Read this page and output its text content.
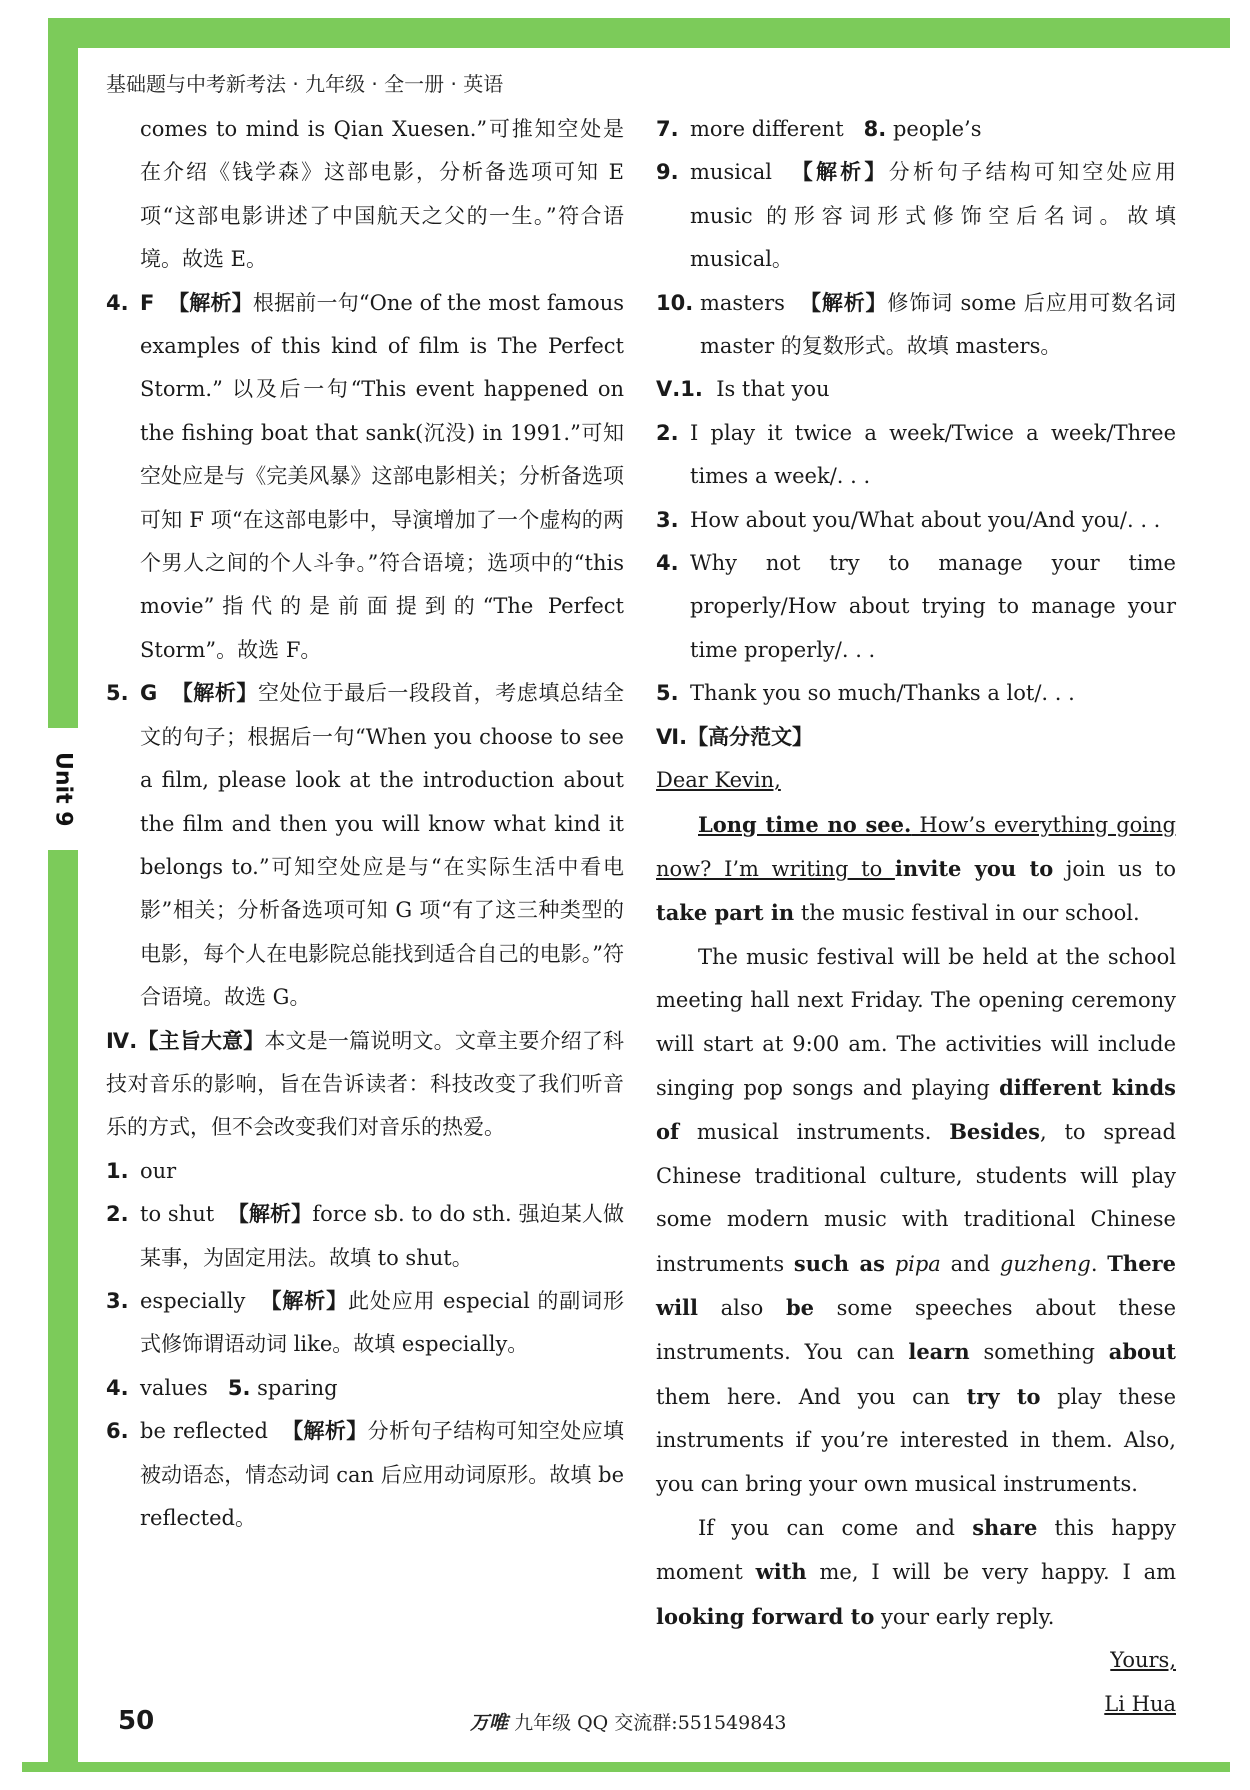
Unit 9
基础题与中考新考法 · 九年级 · 全一册 · 英语

comes to mind is Qian Xuesen.”可推知空处是在介绍《钱学森》这部电影，分析备选项可知 E 项“这部电影讲述了中国航天之父的一生。”符合语境。故选 E。

4. F 【解析】根据前一句“One of the most famous examples of this kind of film is The Perfect Storm.” 以及后一句“This event happened on the fishing boat that sank(沉没) in 1991.”可知空处应是与《完美风暴》这部电影相关；分析备选项可知 F 项“在这部电影中，导演增加了一个虚构的两个男人之间的个人斗争。”符合语境；选项中的“this movie”指代的是前面提到的“The Perfect Storm”。故选 F。

5. G 【解析】空处位于最后一段段首，考虑填总结全文的句子；根据后一句“When you choose to see a film, please look at the introduction about the film and then you will know what kind it belongs to.”可知空处应是与“在实际生活中看电影”相关；分析备选项可知 G 项“有了这三种类型的电影，每个人在电影院总能找到适合自己的电影。”符合语境。故选 G。

Ⅳ.【主旨大意】本文是一篇说明文。文章主要介绍了科技对音乐的影响，旨在告诉读者：科技改变了我们听音乐的方式，但不会改变我们对音乐的热爱。

1. our

2. to shut 【解析】force sb. to do sth. 强迫某人做某事，为固定用法。故填 to shut。

3. especially 【解析】此处应用 especial 的副词形式修饰谓语动词 like。故填 especially。

4. values 5. sparing

6. be reflected 【解析】分析句子结构可知空处应填被动语态，情态动词 can 后应用动词原形。故填 be reflected。

7. more different 8. people’s

9. musical 【解析】分析句子结构可知空处应用 music 的形容词形式修饰空后名词。故填 musical。

10. masters 【解析】修饰词 some 后应用可数名词 master 的复数形式。故填 masters。

Ⅴ.1. Is that you

2. I play it twice a week/Twice a week/Three times a week/. . .

3. How about you/What about you/And you/. . .

4. Why not try to manage your time properly/How about trying to manage your time properly/. . .

5. Thank you so much/Thanks a lot/. . .

Ⅵ.【高分范文】

Dear Kevin,

Long time no see. How’s everything going now? I’m writing to invite you to join us to take part in the music festival in our school.

The music festival will be held at the school meeting hall next Friday. The opening ceremony will start at 9:00 am. The activities will include singing pop songs and playing different kinds of musical instruments. Besides, to spread Chinese traditional culture, students will play some modern music with traditional Chinese instruments such as pipa and guzheng. There will also be some speeches about these instruments. You can learn something about them here. And you can try to play these instruments if you’re interested in them. Also, you can bring your own musical instruments.

If you can come and share this happy moment with me, I will be very happy. I am looking forward to your early reply.

Yours,

Li Hua

50	万唯 九年级 QQ 交流群:551549843
